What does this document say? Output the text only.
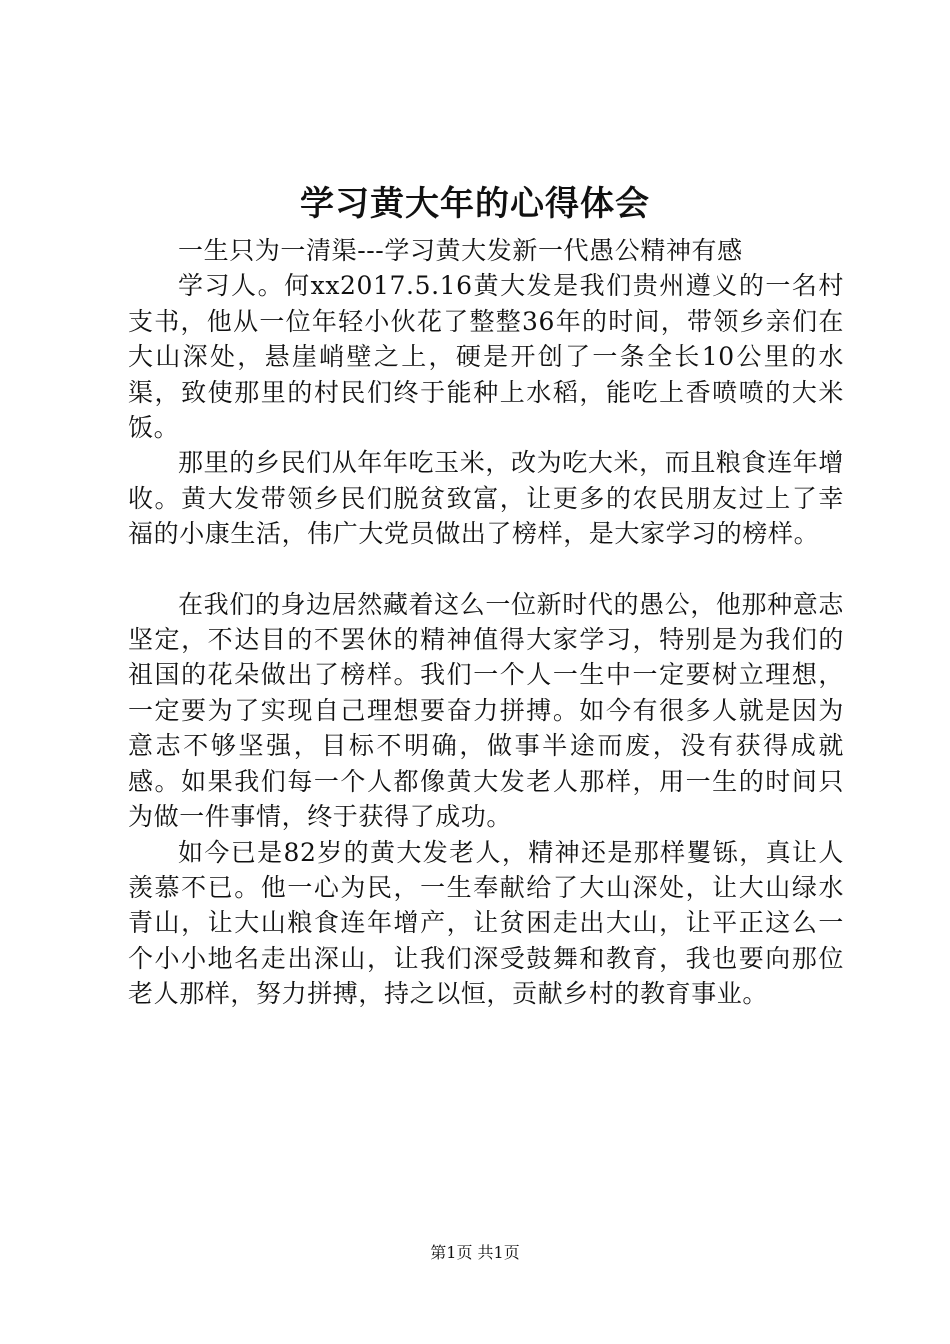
学习黄大年的心得体会

一生只为一清渠---学习黄大发新一代愚公精神有感

学习人。何xx2017.5.16黄大发是我们贵州遵义的一名村支书，他从一位年轻小伙花了整整36年的时间，带领乡亲们在大山深处，悬崖峭壁之上，硬是开创了一条全长10公里的水渠，致使那里的村民们终于能种上水稻，能吃上香喷喷的大米饭。

那里的乡民们从年年吃玉米，改为吃大米，而且粮食连年增收。黄大发带领乡民们脱贫致富，让更多的农民朋友过上了幸福的小康生活，伟广大党员做出了榜样，是大家学习的榜样。

在我们的身边居然藏着这么一位新时代的愚公，他那种意志坚定，不达目的不罢休的精神值得大家学习，特别是为我们的祖国的花朵做出了榜样。我们一个人一生中一定要树立理想，一定要为了实现自己理想要奋力拼搏。如今有很多人就是因为意志不够坚强，目标不明确，做事半途而废，没有获得成就感。如果我们每一个人都像黄大发老人那样，用一生的时间只为做一件事情，终于获得了成功。

如今已是82岁的黄大发老人，精神还是那样矍铄，真让人羡慕不已。他一心为民，一生奉献给了大山深处，让大山绿水青山，让大山粮食连年增产，让贫困走出大山，让平正这么一个小小地名走出深山，让我们深受鼓舞和教育，我也要向那位老人那样，努力拼搏，持之以恒，贡献乡村的教育事业。

第1页 共1页
